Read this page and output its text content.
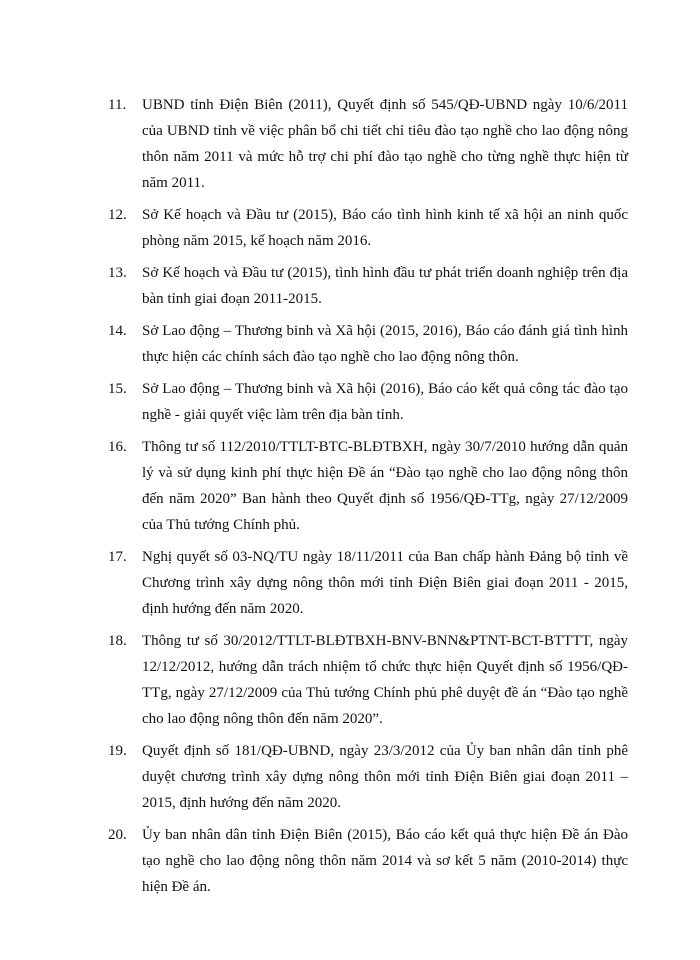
11.	UBND tỉnh Điện Biên (2011), Quyết định số 545/QĐ-UBND ngày 10/6/2011 của UBND tỉnh về việc phân bổ chi tiết chỉ tiêu đào tạo nghề cho lao động nông thôn năm 2011 và mức hỗ trợ chi phí đào tạo nghề cho từng nghề thực hiện từ năm 2011.
12.	Sở Kế hoạch và Đầu tư (2015), Báo cáo tình hình kinh tế xã hội an ninh quốc phòng năm 2015, kế hoạch năm 2016.
13.	Sở Kế hoạch và Đầu tư (2015), tình hình đầu tư phát triển doanh nghiệp trên địa bàn tỉnh giai đoạn 2011-2015.
14.	Sở Lao động – Thương binh và Xã hội (2015, 2016), Báo cáo đánh giá tình hình thực hiện các chính sách đào tạo nghề cho lao động nông thôn.
15.	Sở Lao động – Thương binh và Xã hội (2016), Báo cáo kết quả công tác đào tạo nghề - giải quyết việc làm trên địa bàn tỉnh.
16.	Thông tư số 112/2010/TTLT-BTC-BLĐTBXH, ngày 30/7/2010 hướng dẫn quản lý và sử dụng kinh phí thực hiện Đề án “Đào tạo nghề cho lao động nông thôn đến năm 2020” Ban hành theo Quyết định số 1956/QĐ-TTg, ngày 27/12/2009 của Thủ tướng Chính phủ.
17.	Nghị quyết số 03-NQ/TU ngày 18/11/2011 của Ban chấp hành Đảng bộ tỉnh về Chương trình xây dựng nông thôn mới tỉnh Điện Biên giai đoạn 2011 - 2015, định hướng đến năm 2020.
18.	Thông tư số 30/2012/TTLT-BLĐTBXH-BNV-BNN&PTNT-BCT-BTTTT, ngày 12/12/2012, hướng dẫn trách nhiệm tổ chức thực hiện Quyết định số 1956/QĐ-TTg, ngày 27/12/2009 của Thủ tướng Chính phủ phê duyệt đề án “Đào tạo nghề cho lao động nông thôn đến năm 2020”.
19.	Quyết định số 181/QĐ-UBND, ngày 23/3/2012 của Ủy ban nhân dân tỉnh phê duyệt chương trình xây dựng nông thôn mới tỉnh Điện Biên giai đoạn 2011 – 2015, định hướng đến năm 2020.
20.	Ủy ban nhân dân tỉnh Điện Biên (2015), Báo cáo kết quả thực hiện Đề án Đào tạo nghề cho lao động nông thôn năm 2014 và sơ kết 5 năm (2010-2014) thực hiện Đề án.
